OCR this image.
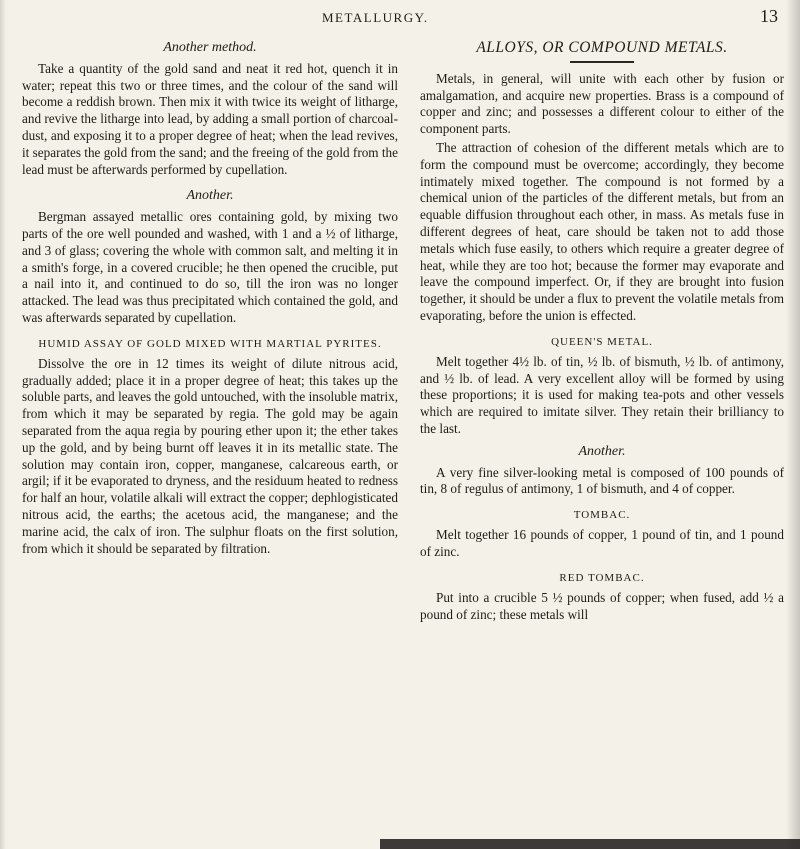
METALLURGY.	13
Another method.

Take a quantity of the gold sand and neat it red hot, quench it in water; repeat this two or three times, and the colour of the sand will become a reddish brown. Then mix it with twice its weight of litharge, and revive the litharge into lead, by adding a small portion of charcoal-dust, and exposing it to a proper degree of heat; when the lead revives, it separates the gold from the sand; and the freeing of the gold from the lead must be afterwards performed by cupellation.

Another.

Bergman assayed metallic ores containing gold, by mixing two parts of the ore well pounded and washed, with 1 and a ½ of litharge, and 3 of glass; covering the whole with common salt, and melting it in a smith's forge, in a covered crucible; he then opened the crucible, put a nail into it, and continued to do so, till the iron was no longer attacked. The lead was thus precipitated which contained the gold, and was afterwards separated by cupellation.

HUMID ASSAY OF GOLD MIXED WITH MARTIAL PYRITES.

Dissolve the ore in 12 times its weight of dilute nitrous acid, gradually added; place it in a proper degree of heat; this takes up the soluble parts, and leaves the gold untouched, with the insoluble matrix, from which it may be separated by regia. The gold may be again separated from the aqua regia by pouring ether upon it; the ether takes up the gold, and by being burnt off leaves it in its metallic state. The solution may contain iron, copper, manganese, calcareous earth, or argil; if it be evaporated to dryness, and the residuum heated to redness for half an hour, volatile alkali will extract the copper; dephlogisticated nitrous acid, the earths; the acetous acid, the manganese; and the marine acid, the calx of iron. The sulphur floats on the first solution, from which it should be separated by filtration.

ALLOYS, OR COMPOUND METALS.

Metals, in general, will unite with each other by fusion or amalgamation, and acquire new properties. Brass is a compound of copper and zinc; and possesses a different colour to either of the component parts.

The attraction of cohesion of the different metals which are to form the compound must be overcome; accordingly, they become intimately mixed together. The compound is not formed by a chemical union of the particles of the different metals, but from an equable diffusion throughout each other, in mass. As metals fuse in different degrees of heat, care should be taken not to add those metals which fuse easily, to others which require a greater degree of heat, while they are too hot; because the former may evaporate and leave the compound imperfect. Or, if they are brought into fusion together, it should be under a flux to prevent the volatile metals from evaporating, before the union is effected.

QUEEN'S METAL.

Melt together 4½ lb. of tin, ½ lb. of bismuth, ½ lb. of antimony, and ½ lb. of lead. A very excellent alloy will be formed by using these proportions; it is used for making tea-pots and other vessels which are required to imitate silver. They retain their brilliancy to the last.

Another.

A very fine silver-looking metal is composed of 100 pounds of tin, 8 of regulus of antimony, 1 of bismuth, and 4 of copper.

TOMBAC.

Melt together 16 pounds of copper, 1 pound of tin, and 1 pound of zinc.

RED TOMBAC.

Put into a crucible 5 ½ pounds of copper; when fused, add ½ a pound of zinc; these metals will
